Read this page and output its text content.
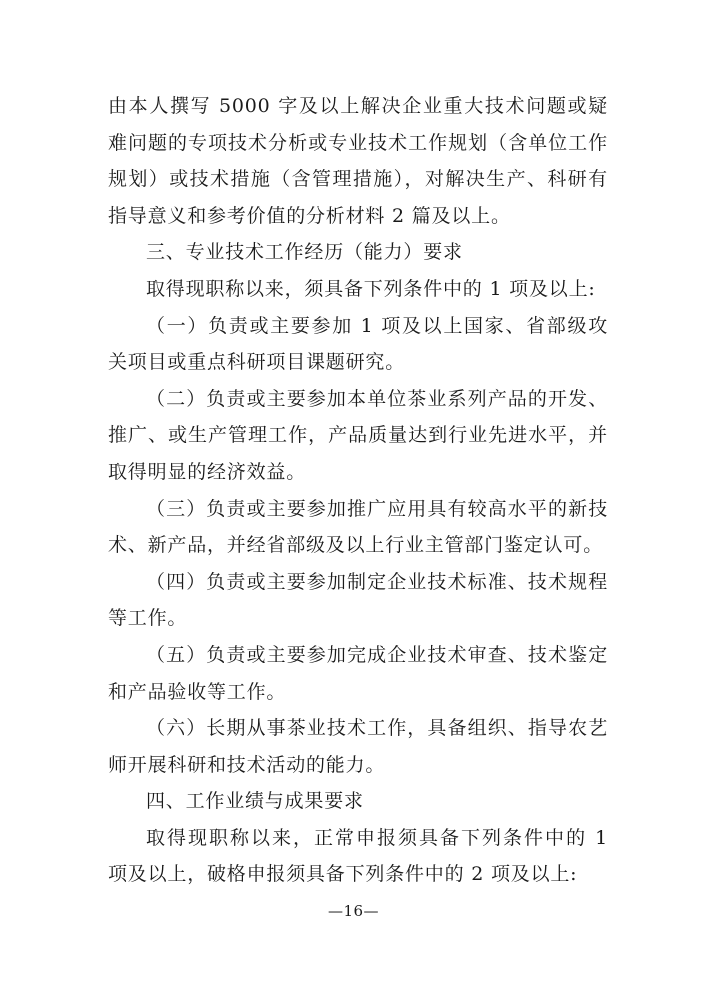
由本人撰写 5000 字及以上解决企业重大技术问题或疑难问题的专项技术分析或专业技术工作规划（含单位工作规划）或技术措施（含管理措施），对解决生产、科研有指导意义和参考价值的分析材料 2 篇及以上。

三、专业技术工作经历（能力）要求

取得现职称以来，须具备下列条件中的 1 项及以上:

（一）负责或主要参加 1 项及以上国家、省部级攻关项目或重点科研项目课题研究。

（二）负责或主要参加本单位茶业系列产品的开发、推广、或生产管理工作，产品质量达到行业先进水平，并取得明显的经济效益。

（三）负责或主要参加推广应用具有较高水平的新技术、新产品，并经省部级及以上行业主管部门鉴定认可。

（四）负责或主要参加制定企业技术标准、技术规程等工作。

（五）负责或主要参加完成企业技术审查、技术鉴定和产品验收等工作。

（六）长期从事茶业技术工作，具备组织、指导农艺师开展科研和技术活动的能力。

四、工作业绩与成果要求

取得现职称以来，正常申报须具备下列条件中的 1 项及以上，破格申报须具备下列条件中的 2 项及以上:

—16—
